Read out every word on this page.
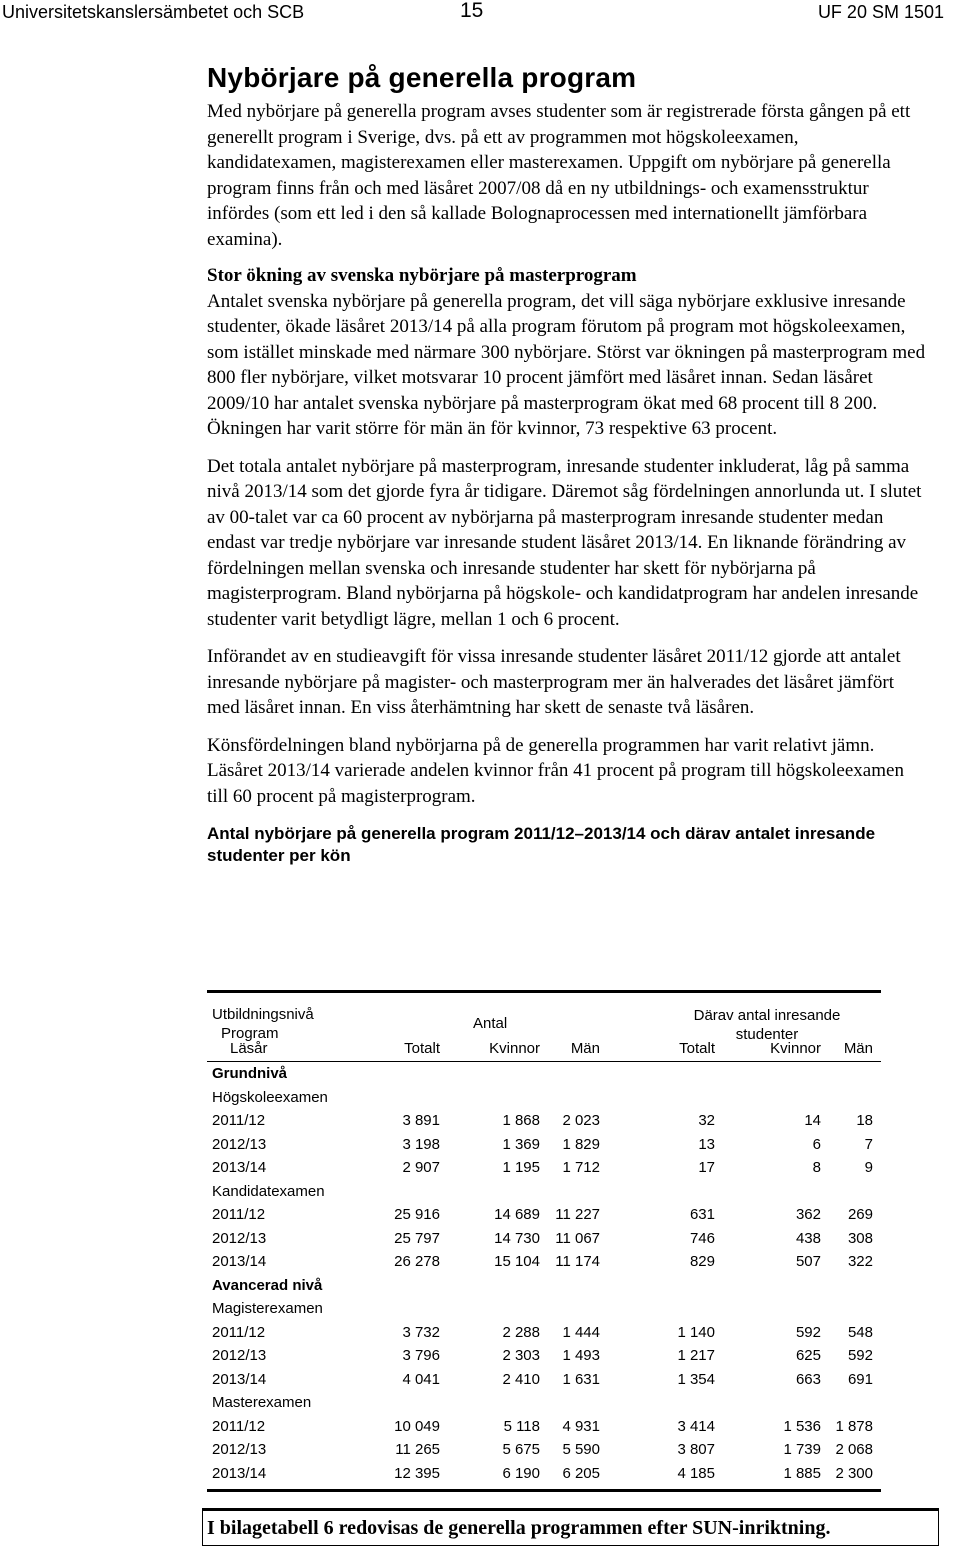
Universitetskanslersämbetet och SCB	15	UF 20 SM 1501
Nybörjare på generella program

Med nybörjare på generella program avses studenter som är registrerade första gången på ett generellt program i Sverige, dvs. på ett av programmen mot högskoleexamen, kandidatexamen, magisterexamen eller masterexamen. Uppgift om nybörjare på generella program finns från och med läsåret 2007/08 då en ny utbildnings- och examensstruktur infördes (som ett led i den så kallade Bolognaprocessen med internationellt jämförbara examina).

Stor ökning av svenska nybörjare på masterprogram

Antalet svenska nybörjare på generella program, det vill säga nybörjare exklusive inresande studenter, ökade läsåret 2013/14 på alla program förutom på program mot högskoleexamen, som istället minskade med närmare 300 nybörjare. Störst var ökningen på masterprogram med 800 fler nybörjare, vilket motsvarar 10 procent jämfört med läsåret innan. Sedan läsåret 2009/10 har antalet svenska nybörjare på masterprogram ökat med 68 procent till 8 200. Ökningen har varit större för män än för kvinnor, 73 respektive 63 procent.

Det totala antalet nybörjare på masterprogram, inresande studenter inkluderat, låg på samma nivå 2013/14 som det gjorde fyra år tidigare. Däremot såg fördelningen annorlunda ut. I slutet av 00-talet var ca 60 procent av nybörjarna på masterprogram inresande studenter medan endast var tredje nybörjare var inresande student läsåret 2013/14. En liknande förändring av fördelningen mellan svenska och inresande studenter har skett för nybörjarna på magisterprogram. Bland nybörjarna på högskole- och kandidatprogram har andelen inresande studenter varit betydligt lägre, mellan 1 och 6 procent.

Införandet av en studieavgift för vissa inresande studenter läsåret 2011/12 gjorde att antalet inresande nybörjare på magister- och masterprogram mer än halverades det läsåret jämfört med läsåret innan. En viss återhämtning har skett de senaste två läsåren.

Könsfördelningen bland nybörjarna på de generella programmen har varit relativt jämn. Läsåret 2013/14 varierade andelen kvinnor från 41 procent på program till högskoleexamen till 60 procent på magisterprogram.

Antal nybörjare på generella program 2011/12–2013/14 och därav antalet inresande studenter per kön
Utbildningsnivå
Program
Antal	Därav antal inresande studenter
Läsår	Totalt	Kvinnor Män	Totalt	Kvinnor Män
Grundnivå						
Högskoleexamen						
2011/12	3 891	1 868	2 023	32	14	18
2012/13	3 198	1 369	1 829	13	6	7
2013/14	2 907	1 195	1 712	17	8	9
Kandidatexamen						
2011/12	25 916	14 689	11 227	631	362	269
2012/13	25 797	14 730	11 067	746	438	308
2013/14	26 278	15 104	11 174	829	507	322
Avancerad nivå						
Magisterexamen						
2011/12	3 732	2 288	1 444	1 140	592	548
2012/13	3 796	2 303	1 493	1 217	625	592
2013/14	4 041	2 410	1 631	1 354	663	691
Masterexamen						
2011/12	10 049	5 118	4 931	3 414	1 536	1 878
2012/13	11 265	5 675	5 590	3 807	1 739	2 068
2013/14	12 395	6 190	6 205	4 185	1 885	2 300
I bilagetabell 6 redovisas de generella programmen efter SUN-inriktning.
